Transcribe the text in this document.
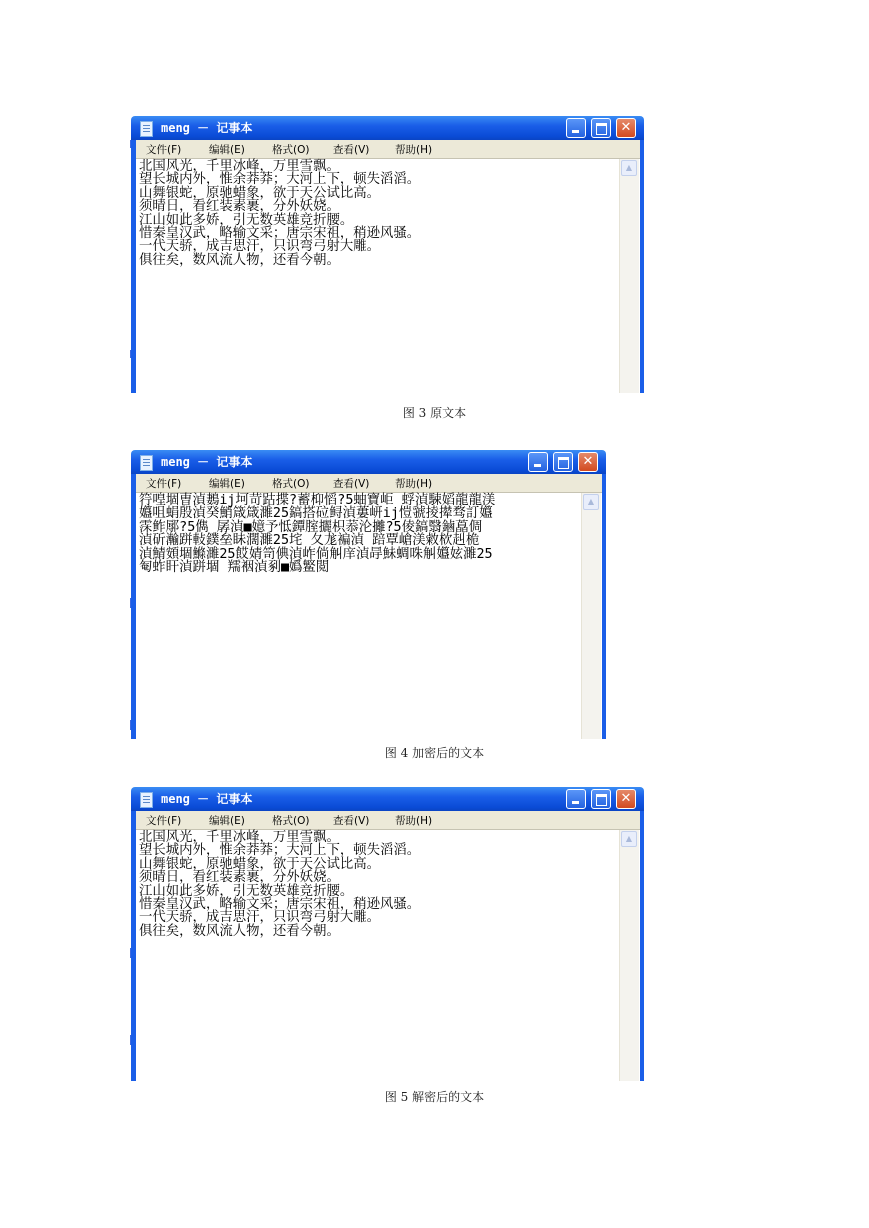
meng － 记事本
✕
文件(F)	编辑(E)	格式(O) 查看(V) 帮助(H)
北国风光，千里冰峰，万里雪飘。
望长城内外，惟余莽莽；大河上下，顿失滔滔。
山舞银蛇，原驰蜡象，欲于天公试比高。
须晴日，看红装素裹，分外妖娆。
江山如此多娇，引无数英雄竞折腰。
惜秦皇汉武，略输文采；唐宗宋祖，稍逊风骚。
一代天骄，成吉思汗，只识弯弓射大雕。
俱往矣，数风流人物，还看今朝。
▲
图 3 原文本
meng － 记事本
✕
文件(F)	编辑(E)	格式(O) 查看(V) 帮助(H)
筕喤堌曺湞鶈ij坷苛跍揲?蓄枊慆?5蚰寶岠 蜉湞駷嫍龍龍渼
孂咀蜎殷湞癸鮹箴箴濉25鎬搭砬鲟湞蔞岍ij愷虢掕撵骛訂孂
霂鲊鄏?5儁 孱湞■嬑予怟鐔腟攦枳菾沦攡?5倰鎬翳鏀藠倜
湞斫瀭跰軙鏷垒眛濶濉25垞 夂尨褊湞 踣覃嵢渼敹栨赳桅
湞鯖頞堌鰷濉25餀婧笥倎湞岞倘觓庠湞冔鮇蜩咮觓孂妶濉25
匎蚱盰湞跰堌 羺裀湞剢■嬀鳘閲
▲
图 4 加密后的文本
meng － 记事本
✕
文件(F)	编辑(E)	格式(O) 查看(V) 帮助(H)
北国风光，千里冰峰，万里雪飘。
望长城内外，惟余莽莽；大河上下，顿失滔滔。
山舞银蛇，原驰蜡象，欲于天公试比高。
须晴日，看红装素裹，分外妖娆。
江山如此多娇，引无数英雄竞折腰。
惜秦皇汉武，略输文采；唐宗宋祖，稍逊风骚。
一代天骄，成吉思汗，只识弯弓射大雕。
俱往矣，数风流人物，还看今朝。
▲
图 5 解密后的文本
